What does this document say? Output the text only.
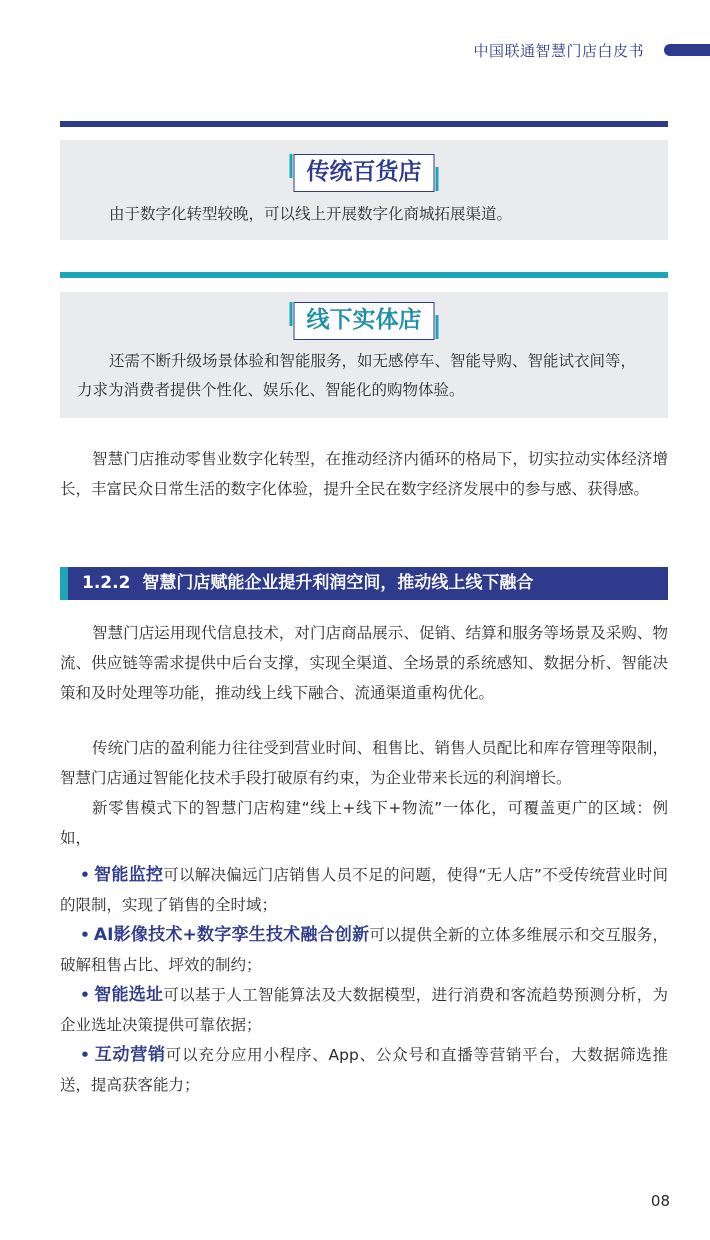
中国联通智慧门店白皮书
传统百货店
由于数字化转型较晚，可以线上开展数字化商城拓展渠道。
线下实体店
还需不断升级场景体验和智能服务，如无感停车、智能导购、智能试衣间等，力求为消费者提供个性化、娱乐化、智能化的购物体验。

智慧门店推动零售业数字化转型，在推动经济内循环的格局下，切实拉动实体经济增长，丰富民众日常生活的数字化体验，提升全民在数字经济发展中的参与感、获得感。

1.2.2 智慧门店赋能企业提升利润空间，推动线上线下融合

智慧门店运用现代信息技术，对门店商品展示、促销、结算和服务等场景及采购、物流、供应链等需求提供中后台支撑，实现全渠道、全场景的系统感知、数据分析、智能决策和及时处理等功能，推动线上线下融合、流通渠道重构优化。

传统门店的盈利能力往往受到营业时间、租售比、销售人员配比和库存管理等限制，智慧门店通过智能化技术手段打破原有约束，为企业带来长远的利润增长。

新零售模式下的智慧门店构建“线上+线下+物流”一体化，可覆盖更广的区域：例如，

• 智能监控可以解决偏远门店销售人员不足的问题，使得“无人店”不受传统营业时间的限制，实现了销售的全时域；

• AI影像技术+数字孪生技术融合创新可以提供全新的立体多维展示和交互服务，破解租售占比、坪效的制约；

• 智能选址可以基于人工智能算法及大数据模型，进行消费和客流趋势预测分析，为企业选址决策提供可靠依据；

• 互动营销可以充分应用小程序、App、公众号和直播等营销平台，大数据筛选推送，提高获客能力；

08
